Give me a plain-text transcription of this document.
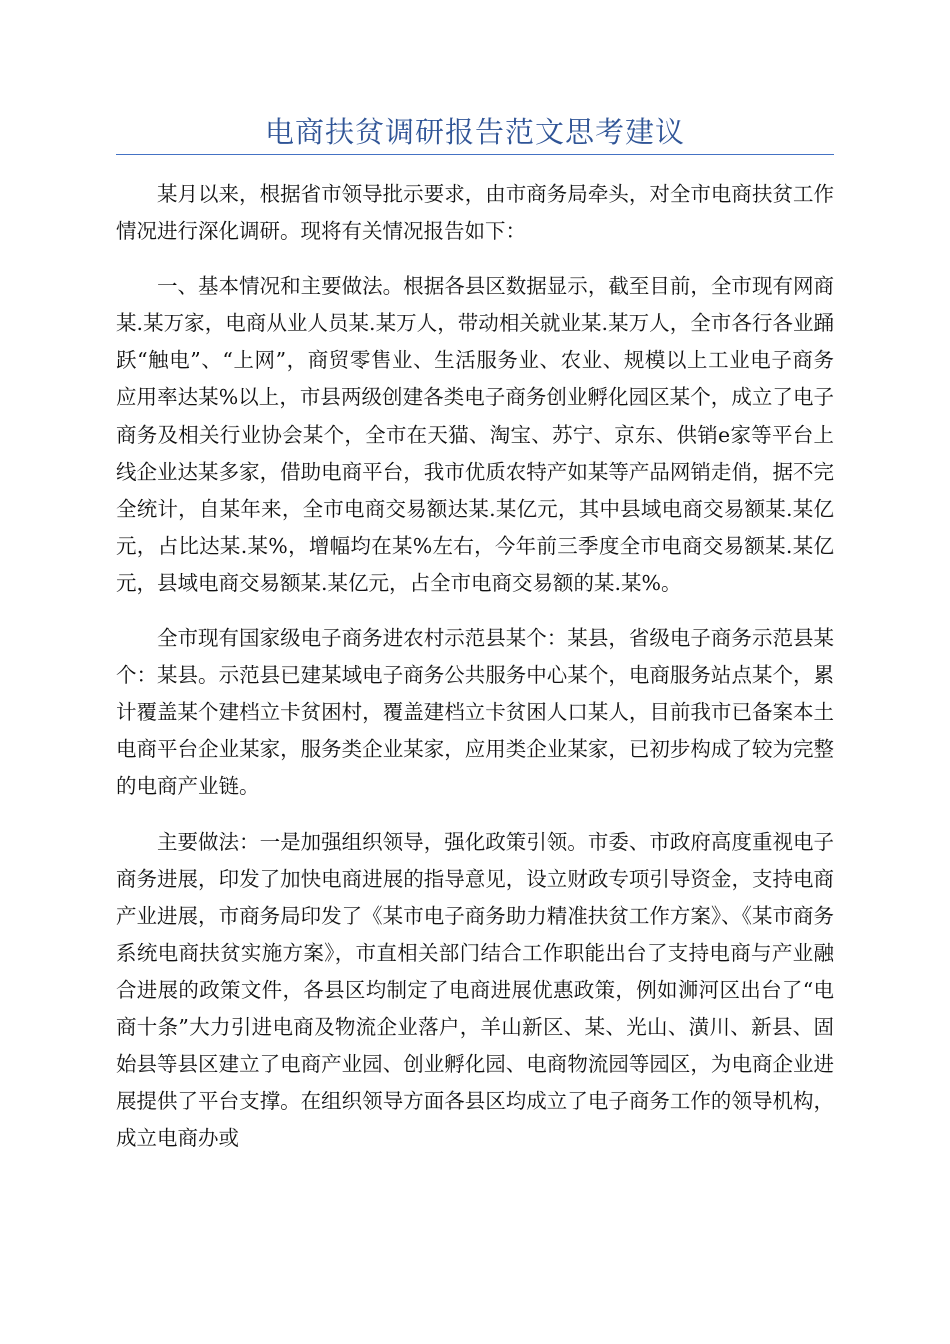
电商扶贫调研报告范文思考建议

某月以来，根据省市领导批示要求，由市商务局牵头，对全市电商扶贫工作情况进行深化调研。现将有关情况报告如下：

一、基本情况和主要做法。根据各县区数据显示，截至目前，全市现有网商某.某万家，电商从业人员某.某万人，带动相关就业某.某万人，全市各行各业踊跃“触电”、“上网”，商贸零售业、生活服务业、农业、规模以上工业电子商务应用率达某%以上，市县两级创建各类电子商务创业孵化园区某个，成立了电子商务及相关行业协会某个，全市在天猫、淘宝、苏宁、京东、供销e家等平台上线企业达某多家，借助电商平台，我市优质农特产如某等产品网销走俏，据不完全统计，自某年来，全市电商交易额达某.某亿元，其中县域电商交易额某.某亿元，占比达某.某%，增幅均在某%左右，今年前三季度全市电商交易额某.某亿元，县域电商交易额某.某亿元，占全市电商交易额的某.某%。

全市现有国家级电子商务进农村示范县某个：某县，省级电子商务示范县某个：某县。示范县已建某域电子商务公共服务中心某个，电商服务站点某个，累计覆盖某个建档立卡贫困村，覆盖建档立卡贫困人口某人，目前我市已备案本土电商平台企业某家，服务类企业某家，应用类企业某家，已初步构成了较为完整的电商产业链。

主要做法：一是加强组织领导，强化政策引领。市委、市政府高度重视电子商务进展，印发了加快电商进展的指导意见，设立财政专项引导资金，支持电商产业进展，市商务局印发了《某市电子商务助力精准扶贫工作方案》、《某市商务系统电商扶贫实施方案》，市直相关部门结合工作职能出台了支持电商与产业融合进展的政策文件，各县区均制定了电商进展优惠政策，例如浉河区出台了“电商十条”大力引进电商及物流企业落户，羊山新区、某、光山、潢川、新县、固始县等县区建立了电商产业园、创业孵化园、电商物流园等园区，为电商企业进展提供了平台支撑。在组织领导方面各县区均成立了电子商务工作的领导机构，成立电商办或
